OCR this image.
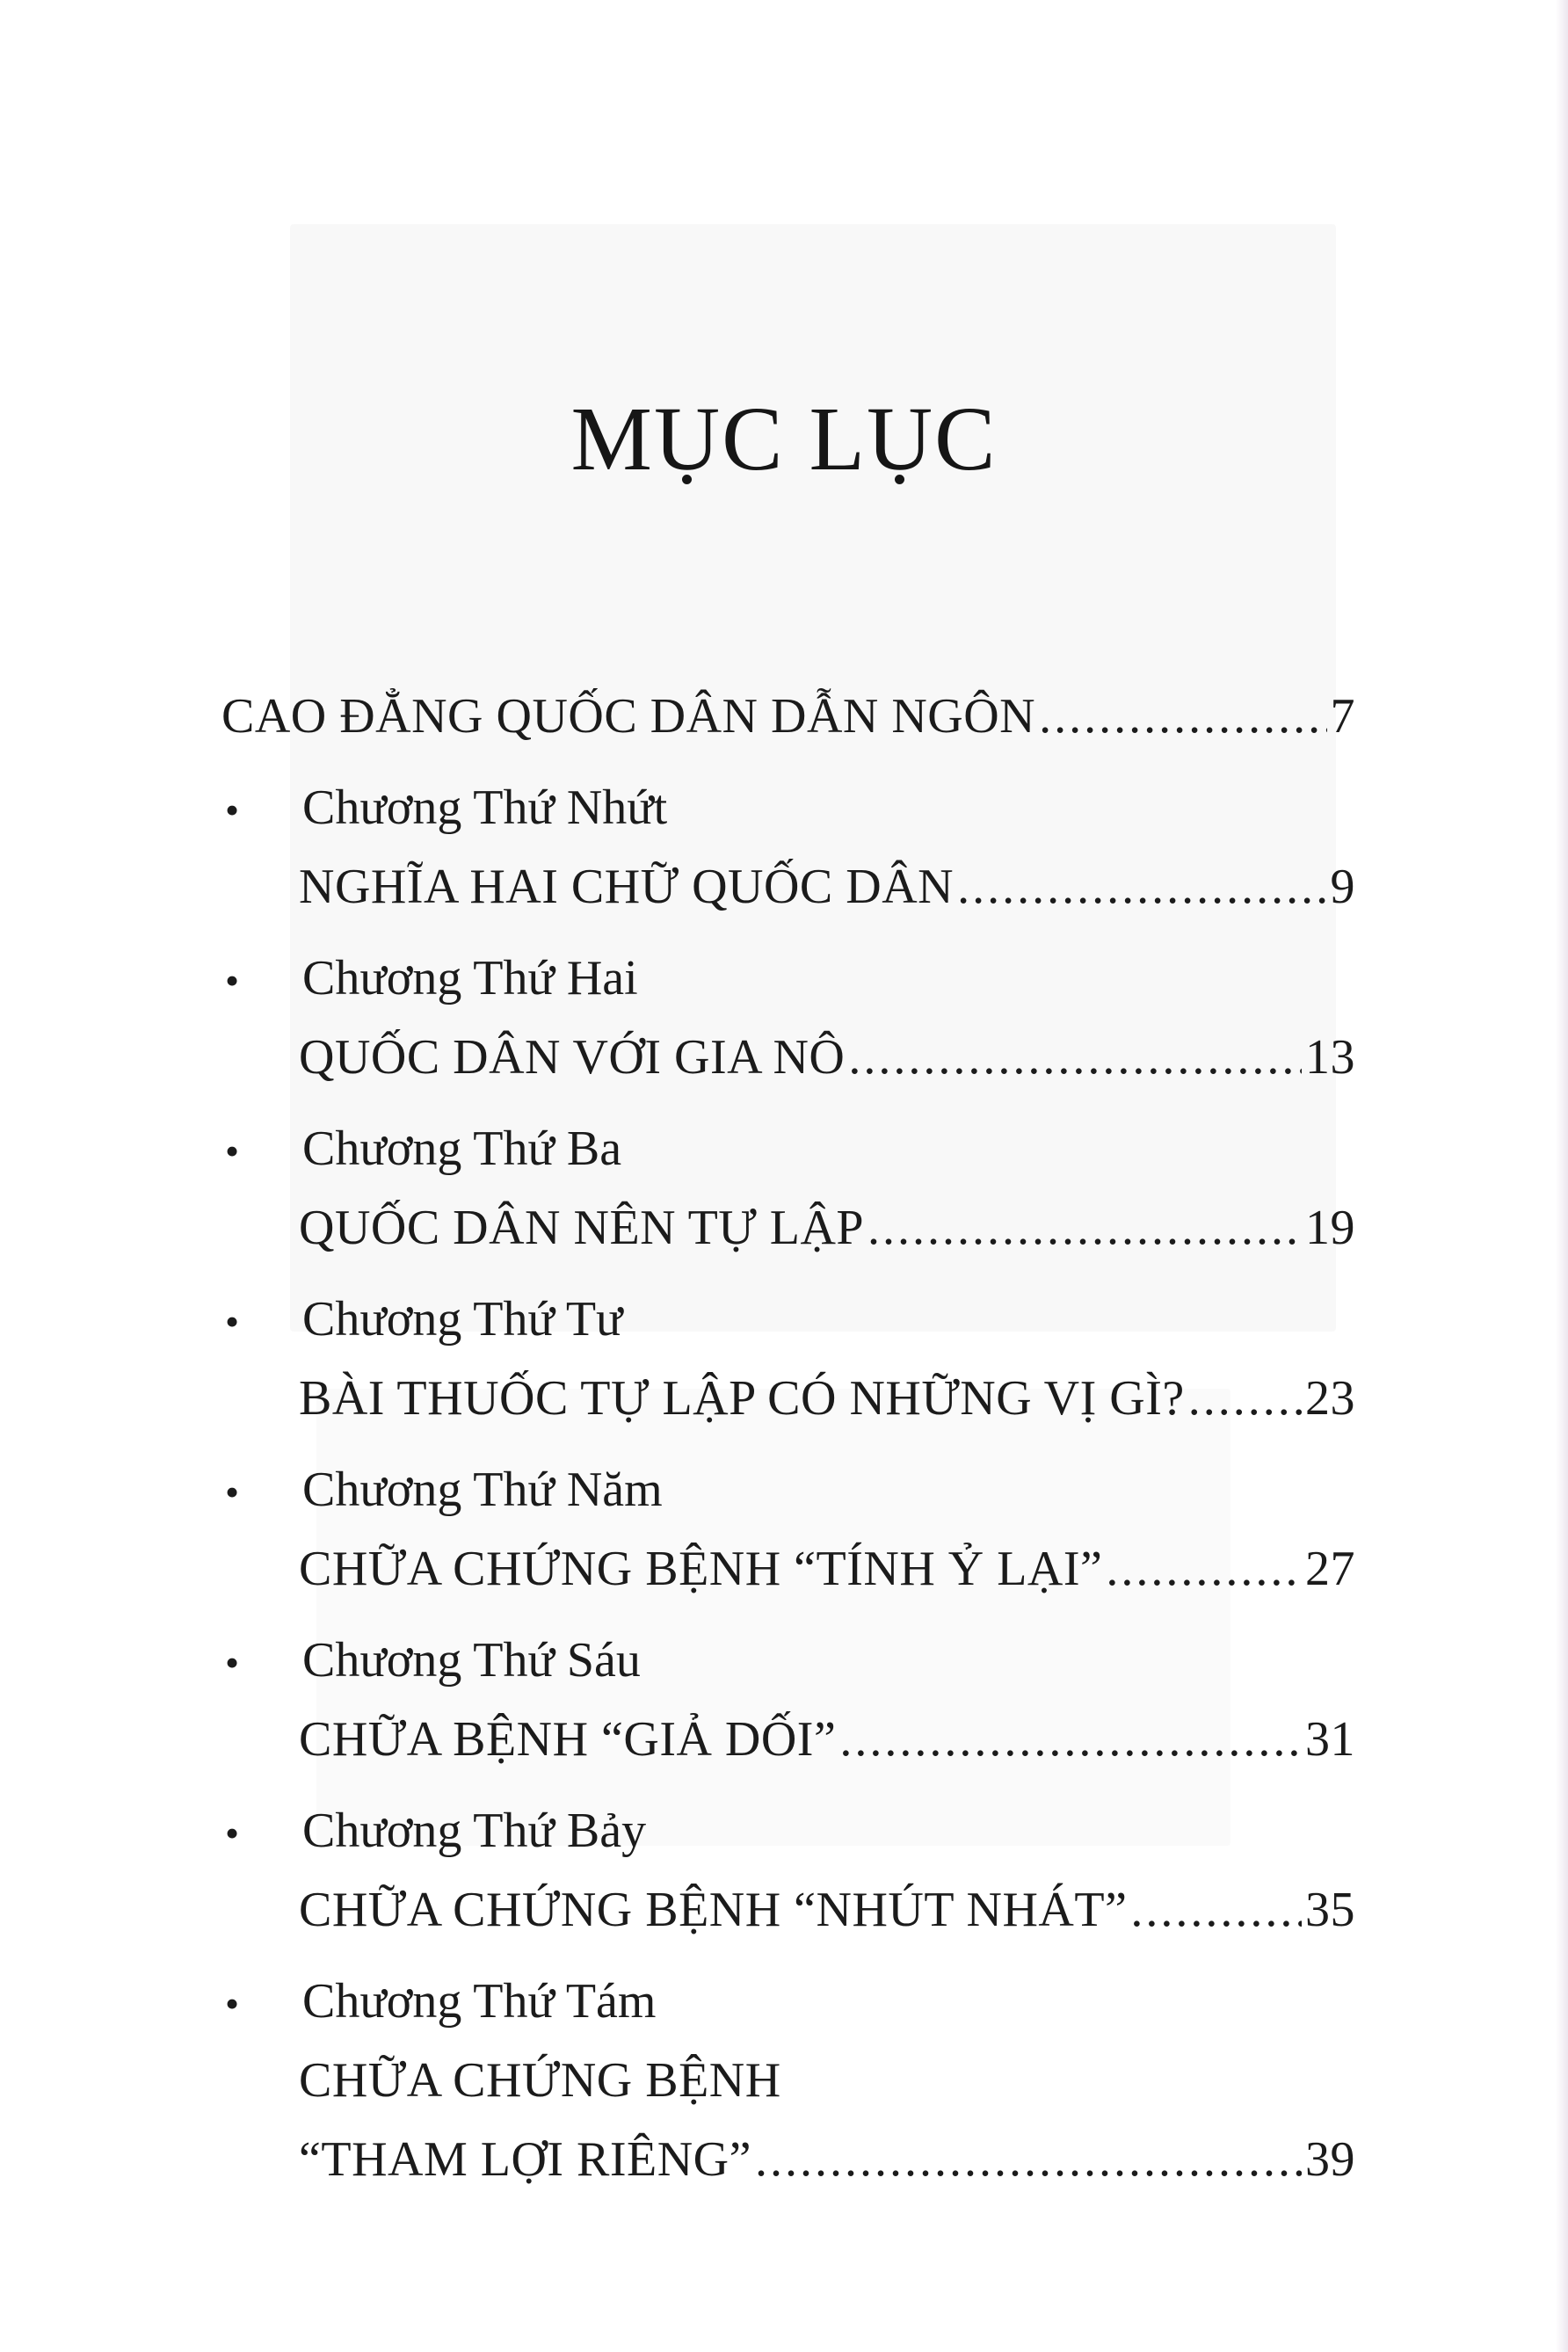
MỤC LỤC
CAO ĐẲNG QUỐC DÂN DẪN NGÔN .....	7
•	Chương Thứ Nhứt
NGHĨA HAI CHỮ QUỐC DÂN .....	9
•	Chương Thứ Hai
QUỐC DÂN VỚI GIA NÔ .....	13
•	Chương Thứ Ba
QUỐC DÂN NÊN TỰ LẬP .....	19
•	Chương Thứ Tư
BÀI THUỐC TỰ LẬP CÓ NHỮNG VỊ GÌ? ..... 23
•	Chương Thứ Năm
CHỮA CHỨNG BỆNH “TÍNH Ỷ LẠI” .....	27
•	Chương Thứ Sáu
CHỮA BỆNH “GIẢ DỐI” .....	31
•	Chương Thứ Bảy
CHỮA CHỨNG BỆNH “NHÚT NHÁT” .....	35
•	Chương Thứ Tám
CHỮA CHỨNG BỆNH
“THAM LỢI RIÊNG” .....	39
